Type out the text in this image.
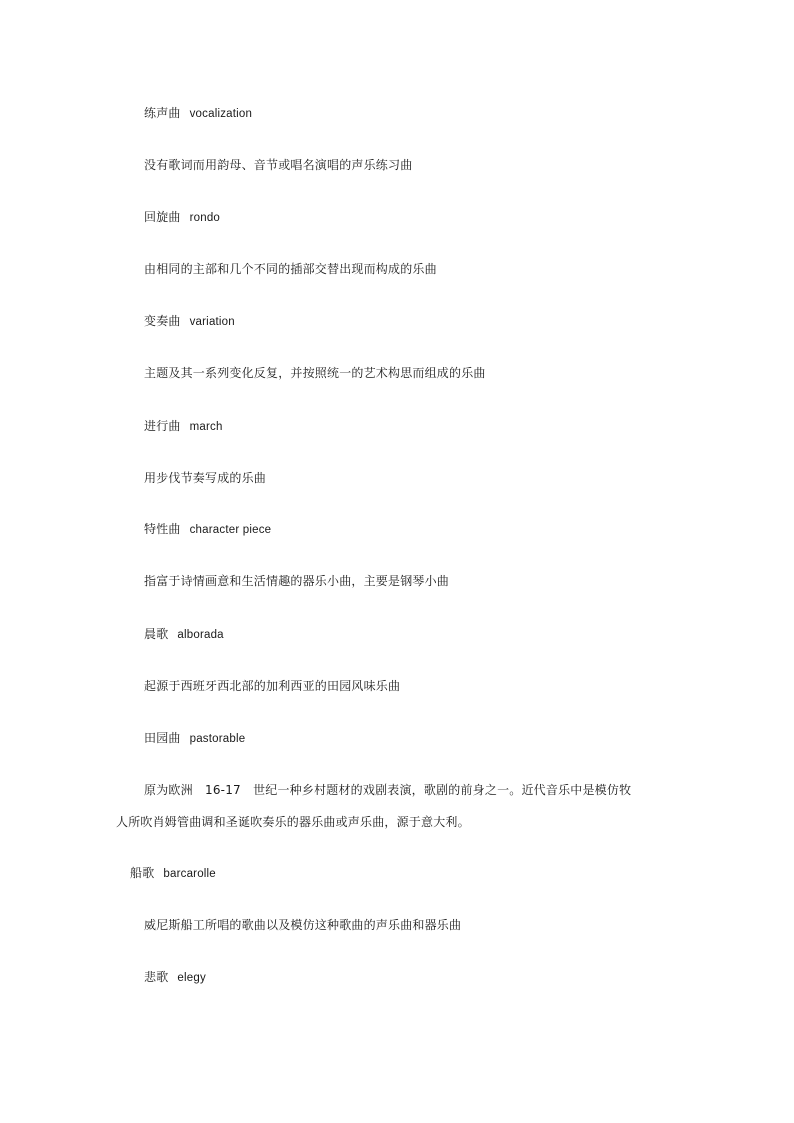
练声曲 vocalization
没有歌词而用韵母、音节或唱名演唱的声乐练习曲
回旋曲 rondo
由相同的主部和几个不同的插部交替出现而构成的乐曲
变奏曲 variation
主题及其一系列变化反复，并按照统一的艺术构思而组成的乐曲
进行曲 march
用步伐节奏写成的乐曲
特性曲 character piece
指富于诗情画意和生活情趣的器乐小曲，主要是钢琴小曲
晨歌 alborada
起源于西班牙西北部的加利西亚的田园风味乐曲
田园曲 pastorable
原为欧洲　16-17　世纪一种乡村题材的戏剧表演，歌剧的前身之一。近代音乐中是模仿牧
人所吹肖姆管曲调和圣诞吹奏乐的器乐曲或声乐曲，源于意大利。
船歌 barcarolle
威尼斯船工所唱的歌曲以及模仿这种歌曲的声乐曲和器乐曲
悲歌 elegy
